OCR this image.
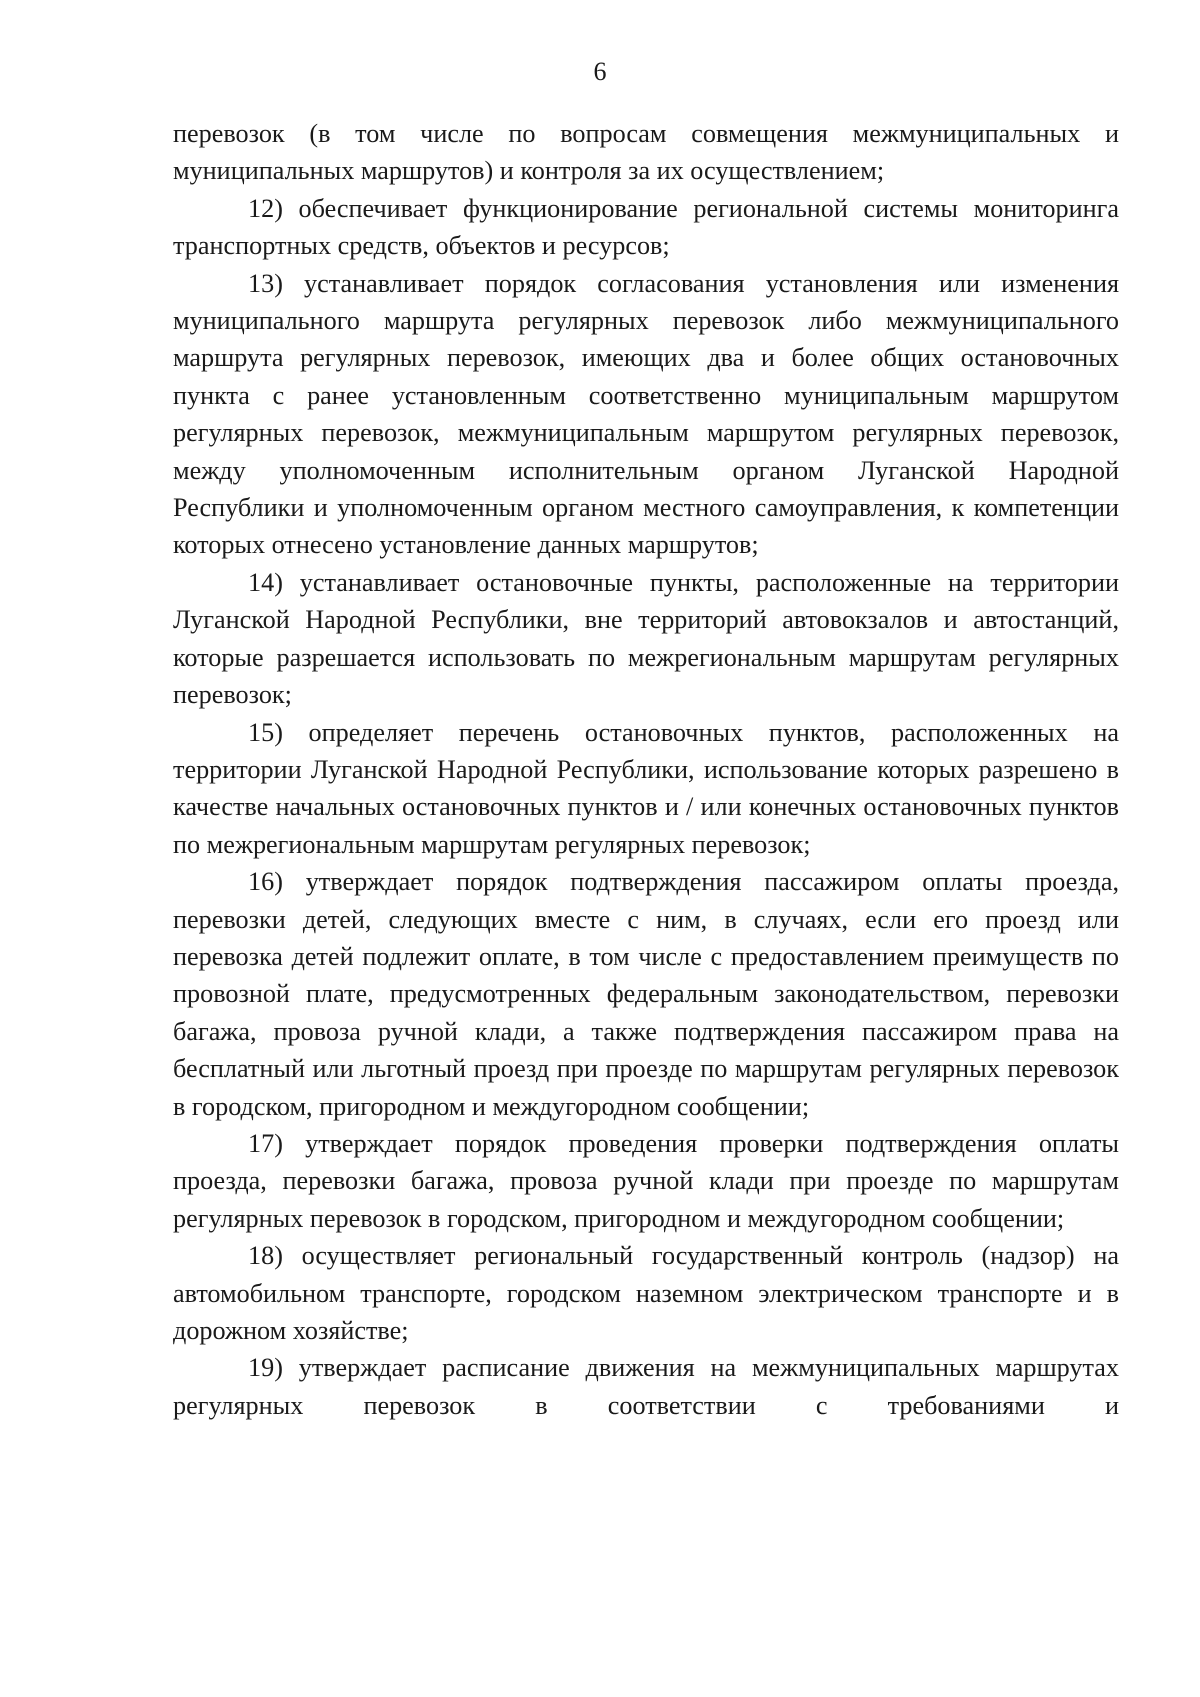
6

перевозок (в том числе по вопросам совмещения межмуниципальных и муниципальных маршрутов) и контроля за их осуществлением;

12) обеспечивает функционирование региональной системы мониторинга транспортных средств, объектов и ресурсов;

13) устанавливает порядок согласования установления или изменения муниципального маршрута регулярных перевозок либо межмуниципального маршрута регулярных перевозок, имеющих два и более общих остановочных пункта с ранее установленным соответственно муниципальным маршрутом регулярных перевозок, межмуниципальным маршрутом регулярных перевозок, между уполномоченным исполнительным органом Луганской Народной Республики и уполномоченным органом местного самоуправления, к компетенции которых отнесено установление данных маршрутов;

14) устанавливает остановочные пункты, расположенные на территории Луганской Народной Республики, вне территорий автовокзалов и автостанций, которые разрешается использовать по межрегиональным маршрутам регулярных перевозок;

15) определяет перечень остановочных пунктов, расположенных на территории Луганской Народной Республики, использование которых разрешено в качестве начальных остановочных пунктов и / или конечных остановочных пунктов по межрегиональным маршрутам регулярных перевозок;

16) утверждает порядок подтверждения пассажиром оплаты проезда, перевозки детей, следующих вместе с ним, в случаях, если его проезд или перевозка детей подлежит оплате, в том числе с предоставлением преимуществ по провозной плате, предусмотренных федеральным законодательством, перевозки багажа, провоза ручной клади, а также подтверждения пассажиром права на бесплатный или льготный проезд при проезде по маршрутам регулярных перевозок в городском, пригородном и междугородном сообщении;

17) утверждает порядок проведения проверки подтверждения оплаты проезда, перевозки багажа, провоза ручной клади при проезде по маршрутам регулярных перевозок в городском, пригородном и междугородном сообщении;

18) осуществляет региональный государственный контроль (надзор) на автомобильном транспорте, городском наземном электрическом транспорте и в дорожном хозяйстве;

19) утверждает расписание движения на межмуниципальных маршрутах регулярных перевозок в соответствии с требованиями и
